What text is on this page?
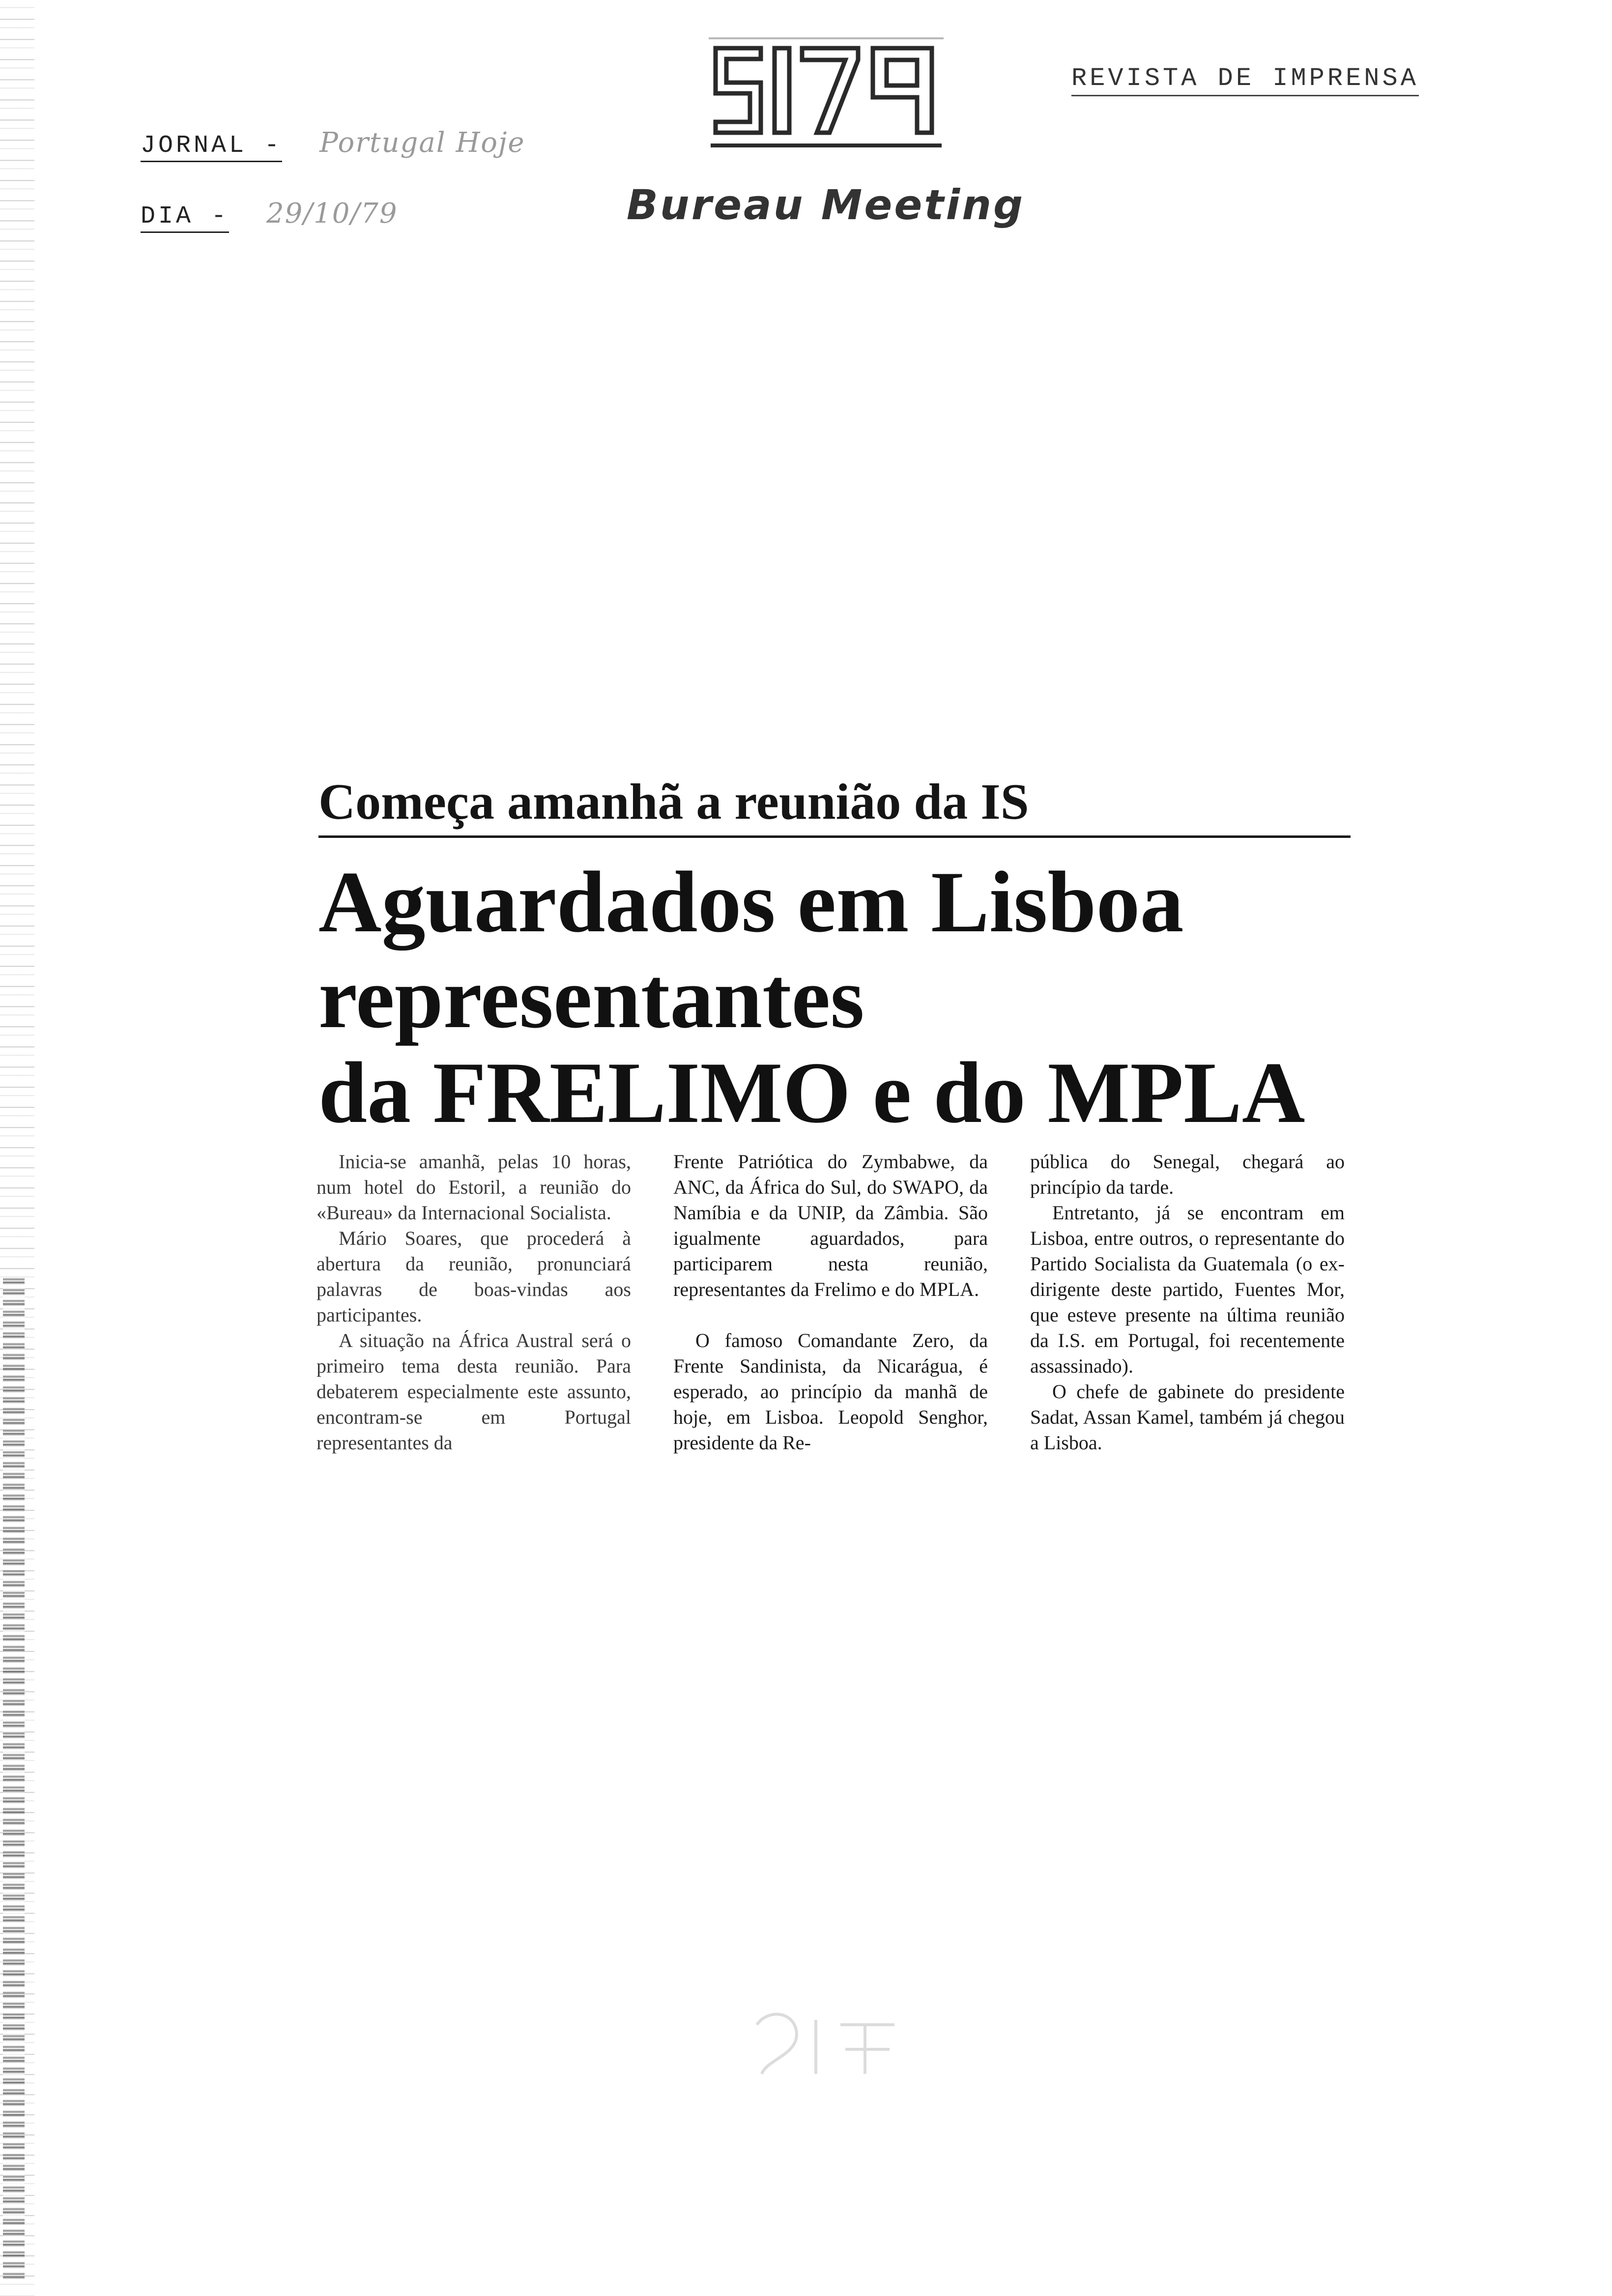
JORNAL - Portugal Hoje
DIA - 29/10/79
REVISTA DE IMPRENSA
Bureau Meeting
Começa amanhã a reunião da IS
Aguardados em Lisboa
representantes
da FRELIMO e do MPLA

Inicia-se amanhã, pelas 10 horas, num hotel do Estoril, a reunião do «Bureau» da Internacional Socialista.

Mário Soares, que procederá à abertura da reunião, pronunciará palavras de boas-vindas aos participantes.

A situação na África Austral será o primeiro tema desta reunião. Para debaterem especialmente este assunto, encontram-se em Portugal representantes da

Frente Patriótica do Zymbabwe, da ANC, da África do Sul, do SWAPO, da Namíbia e da UNIP, da Zâmbia. São igualmente aguardados, para participarem nesta reunião, representantes da Frelimo e do MPLA.

O famoso Comandante Zero, da Frente Sandinista, da Nicarágua, é esperado, ao princípio da manhã de hoje, em Lisboa. Leopold Senghor, presidente da Re-

pública do Senegal, chegará ao princípio da tarde.

Entretanto, já se encontram em Lisboa, entre outros, o representante do Partido Socialista da Guatemala (o ex-dirigente deste partido, Fuentes Mor, que esteve presente na última reunião da I.S. em Portugal, foi recentemente assassinado).

O chefe de gabinete do presidente Sadat, Assan Kamel, também já chegou a Lisboa.
